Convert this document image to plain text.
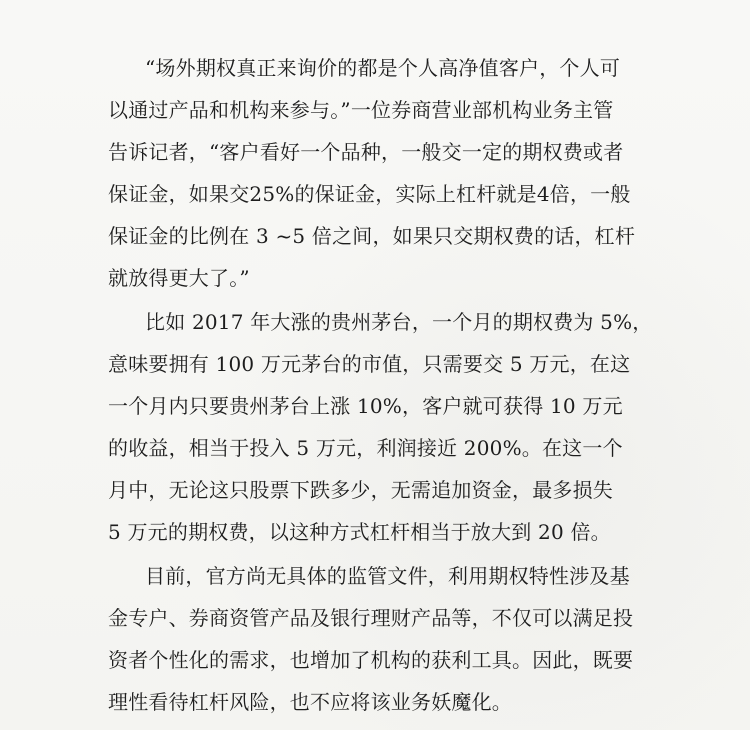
“场外期权真正来询价的都是个人高净值客户，个人可
以通过产品和机构来参与。”一位券商营业部机构业务主管
告诉记者，“客户看好一个品种，一般交一定的期权费或者
保证金，如果交25%的保证金，实际上杠杆就是4倍，一般
保证金的比例在 3 ~5 倍之间，如果只交期权费的话，杠杆
就放得更大了。”
比如 2017 年大涨的贵州茅台，一个月的期权费为 5%，
意味要拥有 100 万元茅台的市值，只需要交 5 万元，在这
一个月内只要贵州茅台上涨 10%，客户就可获得 10 万元
的收益，相当于投入 5 万元，利润接近 200%。在这一个
月中，无论这只股票下跌多少，无需追加资金，最多损失
5 万元的期权费，以这种方式杠杆相当于放大到 20 倍。
目前，官方尚无具体的监管文件，利用期权特性涉及基
金专户、券商资管产品及银行理财产品等，不仅可以满足投
资者个性化的需求，也增加了机构的获利工具。因此，既要
理性看待杠杆风险，也不应将该业务妖魔化。
